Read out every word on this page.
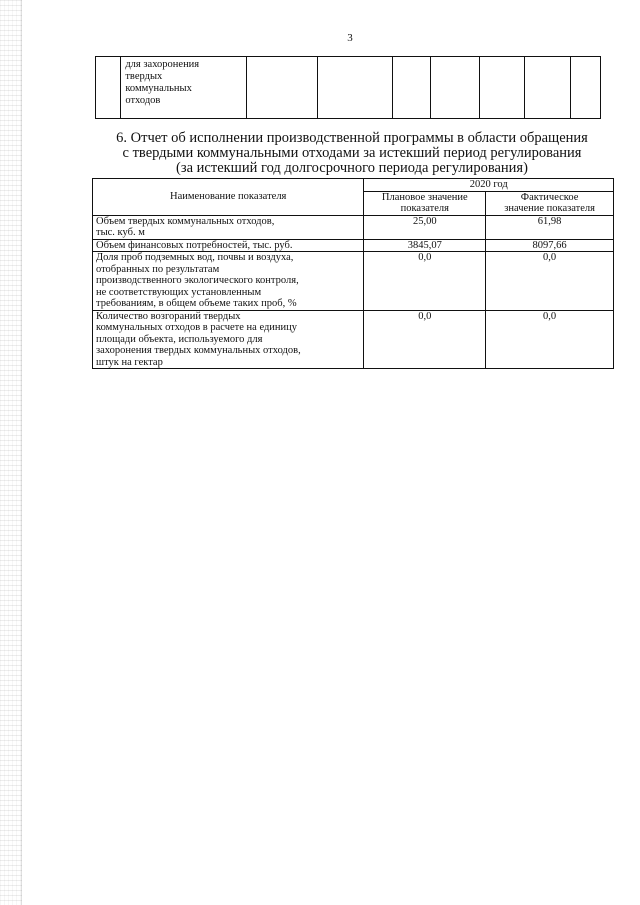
3
	для захоронения
твердых
коммунальных
отходов							
6. Отчет об исполнении производственной программы в области обращения
с твердыми коммунальными отходами за истекший период регулирования
(за истекший год долгосрочного периода регулирования)
Наименование показателя	2020 год	
	Плановое значение
показателя	Фактическое
значение показателя
Объем твердых коммунальных отходов,
тыс. куб. м	25,00	61,98
Объем финансовых потребностей, тыс. руб.	3845,07	8097,66
Доля проб подземных вод, почвы и воздуха,
отобранных по результатам
производственного экологического контроля,
не соответствующих установленным
требованиям, в общем объеме таких проб, %	0,0	0,0
Количество возгораний твердых
коммунальных отходов в расчете на единицу
площади объекта, используемого для
захоронения твердых коммунальных отходов,
штук на гектар	0,0	0,0
